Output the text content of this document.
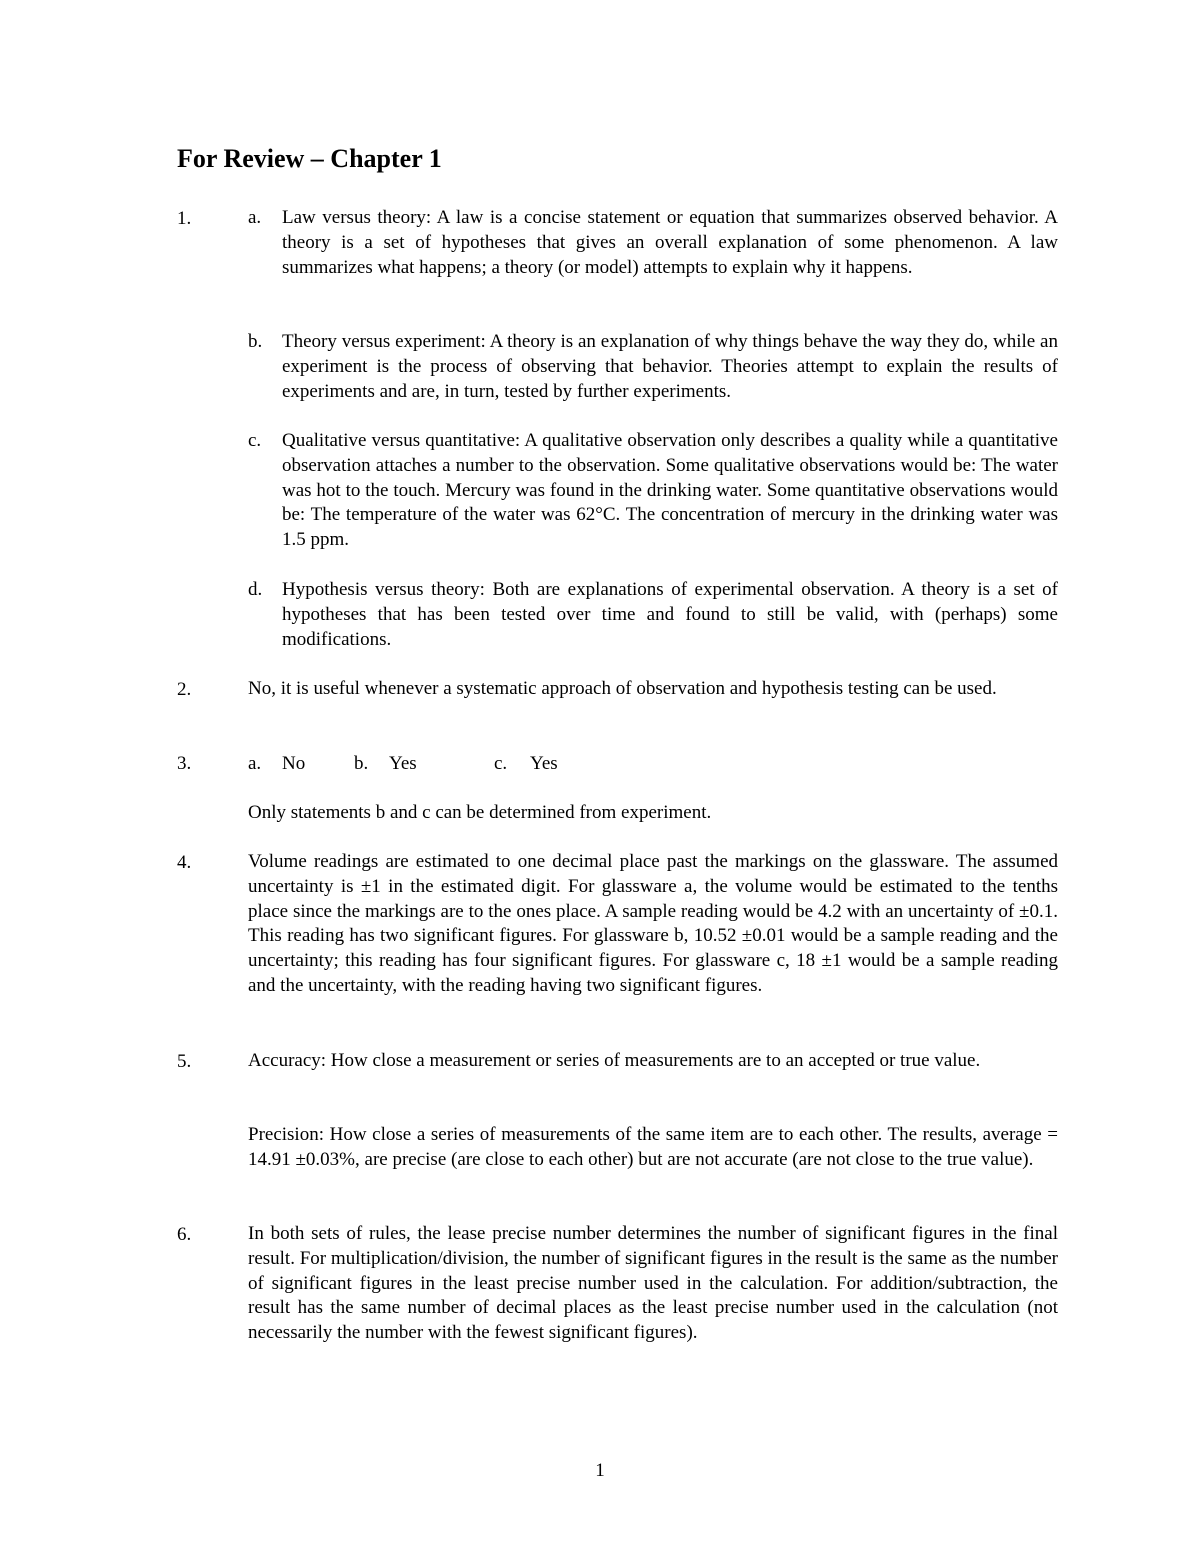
For Review – Chapter 1
1.	a.	Law versus theory: A law is a concise statement or equation that summarizes observed behavior. A theory is a set of hypotheses that gives an overall explanation of some phenomenon. A law summarizes what happens; a theory (or model) attempts to explain why it happens.
b.	Theory versus experiment: A theory is an explanation of why things behave the way they do, while an experiment is the process of observing that behavior. Theories attempt to explain the results of experiments and are, in turn, tested by further experiments.
c.	Qualitative versus quantitative: A qualitative observation only describes a quality while a quantitative observation attaches a number to the observation. Some qualitative observations would be: The water was hot to the touch. Mercury was found in the drinking water. Some quantitative observations would be: The temperature of the water was 62°C. The concentration of mercury in the drinking water was 1.5 ppm.
d.	Hypothesis versus theory: Both are explanations of experimental observation. A theory is a set of hypotheses that has been tested over time and found to still be valid, with (perhaps) some modifications.
2.	No, it is useful whenever a systematic approach of observation and hypothesis testing can be used.
3.	a. No	b. Yes	c. Yes
Only statements b and c can be determined from experiment.
4.	Volume readings are estimated to one decimal place past the markings on the glassware. The assumed uncertainty is ±1 in the estimated digit. For glassware a, the volume would be estimated to the tenths place since the markings are to the ones place. A sample reading would be 4.2 with an uncertainty of ±0.1. This reading has two significant figures. For glassware b, 10.52 ±0.01 would be a sample reading and the uncertainty; this reading has four significant figures. For glassware c, 18 ±1 would be a sample reading and the uncertainty, with the reading having two significant figures.
5.	Accuracy: How close a measurement or series of measurements are to an accepted or true value.
Precision: How close a series of measurements of the same item are to each other. The results, average = 14.91 ±0.03%, are precise (are close to each other) but are not accurate (are not close to the true value).
6.	In both sets of rules, the lease precise number determines the number of significant figures in the final result. For multiplication/division, the number of significant figures in the result is the same as the number of significant figures in the least precise number used in the calculation. For addition/subtraction, the result has the same number of decimal places as the least precise number used in the calculation (not necessarily the number with the fewest significant figures).
1
